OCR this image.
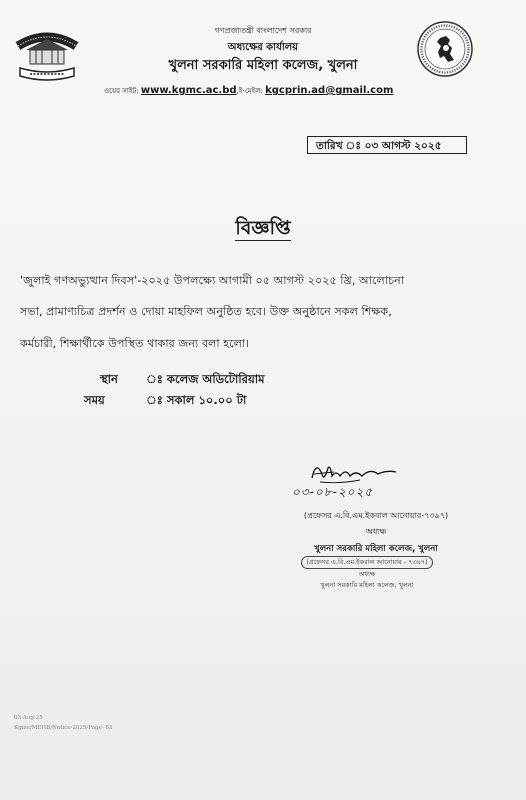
গণপ্রজাতন্ত্রী বাংলাদেশ সরকার
অধ্যক্ষের কার্যালয়
খুলনা সরকারি মহিলা কলেজ, খুলনা
ওয়েব সাইট: www.kgmc.ac.bd,ই-মেইল: kgcprin.ad@gmail.com
তারিখ ঃ ০৩ আগস্ট ২০২৫
বিজ্ঞপ্তি
'জুলাই গণঅভ্যুত্থান দিবস'-২০২৫ উপলক্ষ্যে আগামী ০৫ আগস্ট ২০২৫ খ্রি, আলোচনা
সভা, প্রামাণ্যচিত্র প্রদর্শন ও দোয়া মাহফিল অনুষ্ঠিত হবে। উক্ত অনুষ্ঠানে সকল শিক্ষক,
কর্মচারী, শিক্ষার্থীকে উপস্থিত থাকার জন্য বলা হলো।
স্থান ঃ কলেজ অডিটোরিয়াম
সময়	ঃ সকাল ১০.০০ টা
০৩-০৮-২০২৫
(প্রফেসর এ.বি.এম.ইকবাল আনোয়ার-৭৩৯৭)
অধ্যক্ষ
খুলনা সরকারি মহিলা কলেজ, খুলনা
(প্রফেসর এ.বি.এম.ইকবাল আনোয়ার - ৭৩৯৭)
অধ্যক্ষ
খুলনা সরকারি মহিলা কলেজ, খুলনা
03-Aug-25
Kgmc/MEHB/Notice-2025/Page- 63
